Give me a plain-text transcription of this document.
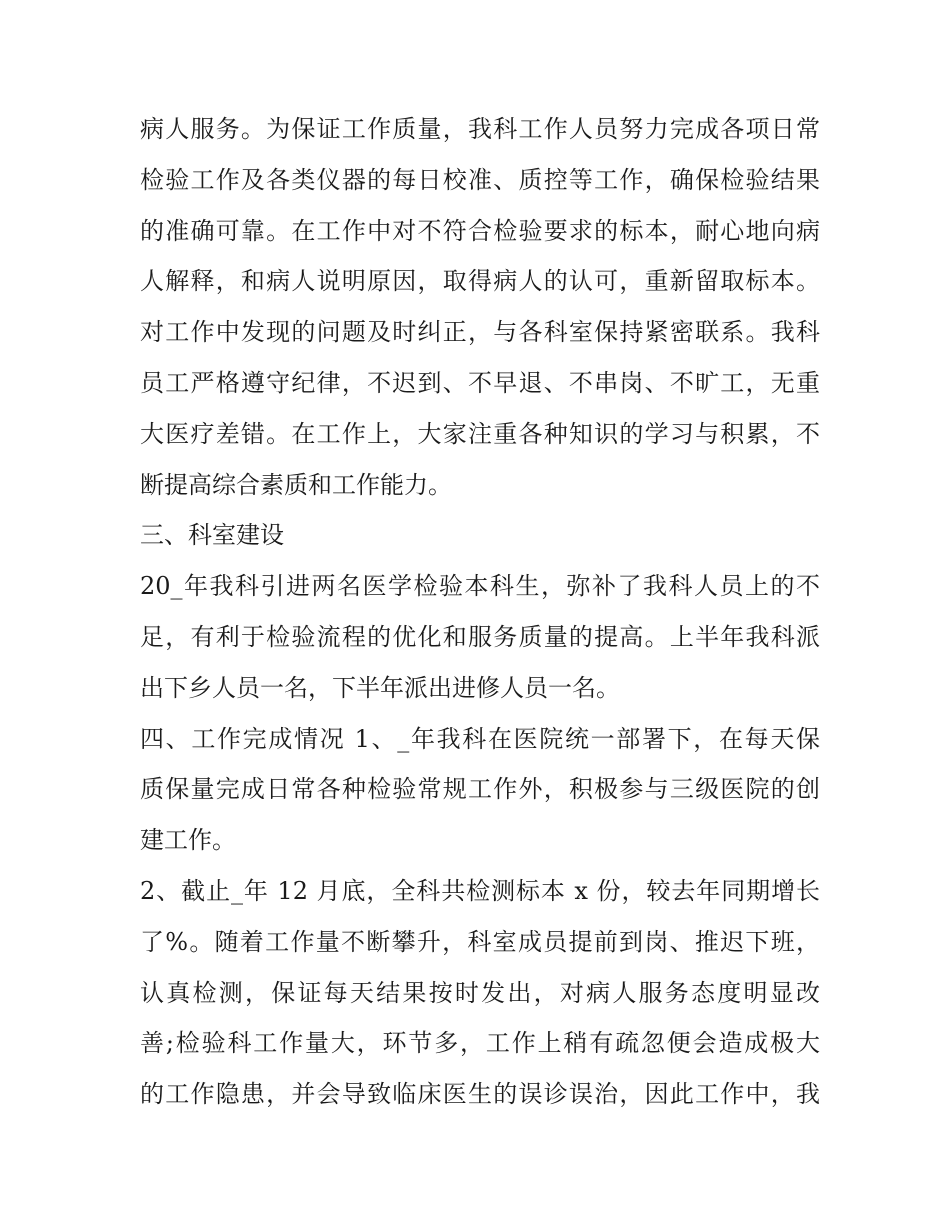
病人服务。为保证工作质量，我科工作人员努力完成各项日常
检验工作及各类仪器的每日校准、质控等工作，确保检验结果
的准确可靠。在工作中对不符合检验要求的标本，耐心地向病
人解释，和病人说明原因，取得病人的认可，重新留取标本。
对工作中发现的问题及时纠正，与各科室保持紧密联系。我科
员工严格遵守纪律，不迟到、不早退、不串岗、不旷工，无重
大医疗差错。在工作上，大家注重各种知识的学习与积累，不
断提高综合素质和工作能力。
三、科室建设
20_年我科引进两名医学检验本科生，弥补了我科人员上的不
足，有利于检验流程的优化和服务质量的提高。上半年我科派
出下乡人员一名，下半年派出进修人员一名。
四、工作完成情况 1、_年我科在医院统一部署下，在每天保
质保量完成日常各种检验常规工作外，积极参与三级医院的创
建工作。
2、截止_年 12 月底，全科共检测标本 x 份，较去年同期增长
了%。随着工作量不断攀升，科室成员提前到岗、推迟下班，
认真检测，保证每天结果按时发出，对病人服务态度明显改
善;检验科工作量大，环节多，工作上稍有疏忽便会造成极大
的工作隐患，并会导致临床医生的误诊误治，因此工作中，我
